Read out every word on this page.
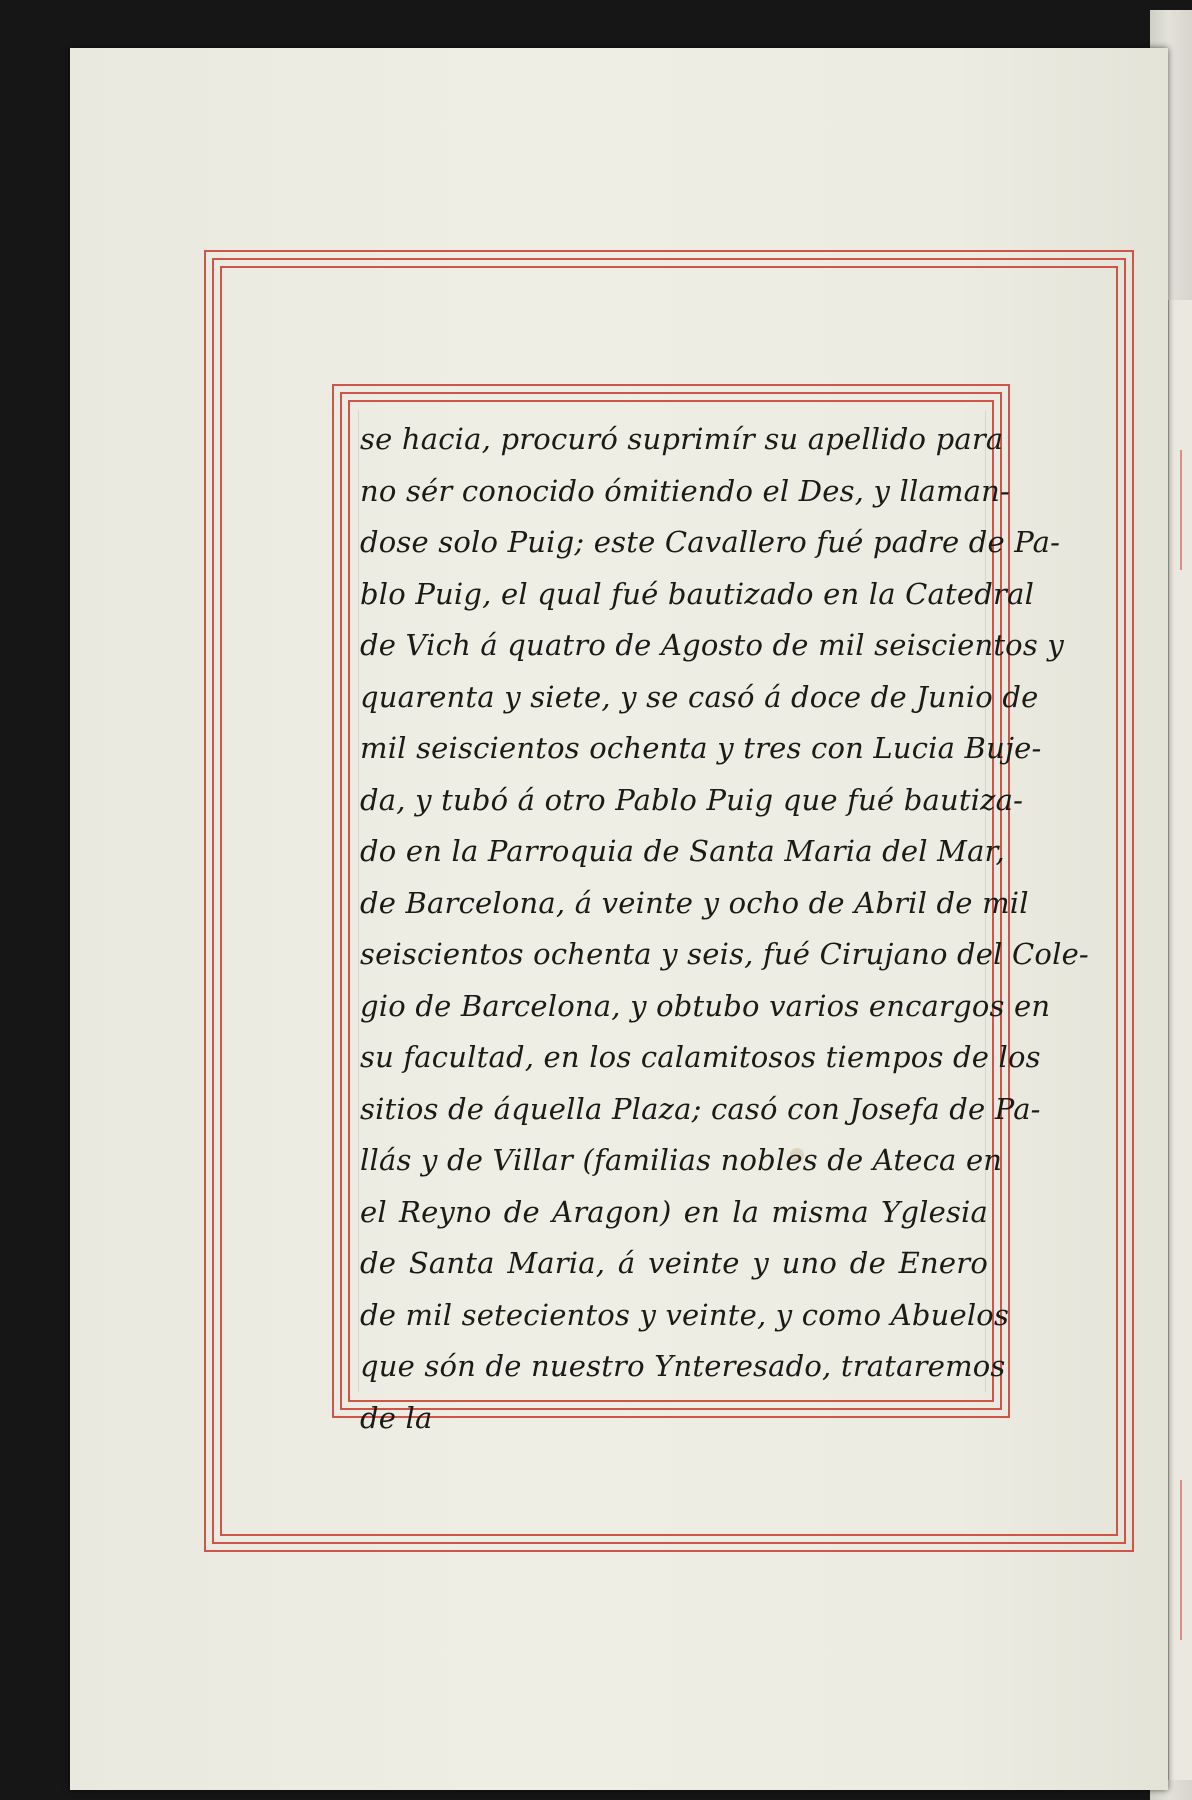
se hacia, procuró suprimír su apellido para
no sér conocido ómitiendo el Des, y llaman-
dose solo Puig; este Cavallero fué padre de Pa-
blo Puig, el qual fué bautizado en la Catedral
de Vich á quatro de Agosto de mil seiscientos y
quarenta y siete, y se casó á doce de Junio de
mil seiscientos ochenta y tres con Lucia Buje-
da, y tubó á otro Pablo Puig que fué bautiza-
do en la Parroquia de Santa Maria del Mar,
de Barcelona, á veinte y ocho de Abril de mil
seiscientos ochenta y seis, fué Cirujano del Cole-
gio de Barcelona, y obtubo varios encargos en
su facultad, en los calamitosos tiempos de los
sitios de áquella Plaza; casó con Josefa de Pa-
llás y de Villar (familias nobles de Ateca en
el Reyno de Aragon) en la misma Yglesia
de Santa Maria, á veinte y uno de Enero
de mil setecientos y veinte, y como Abuelos
que són de nuestro Ynteresado, trataremos
de la
